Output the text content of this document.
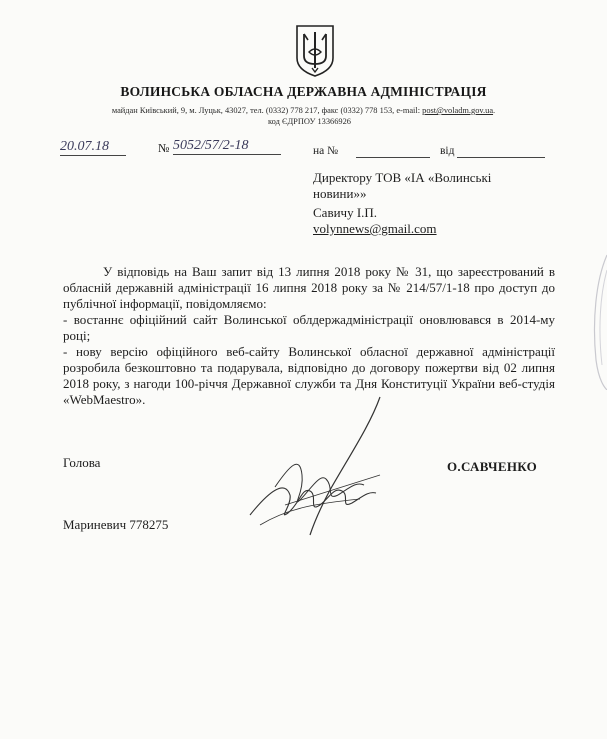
ВОЛИНСЬКА ОБЛАСНА ДЕРЖАВНА АДМІНІСТРАЦІЯ
майдан Київський, 9, м. Луцьк, 43027, тел. (0332) 778 217, факс (0332) 778 153, e-mail: post@voladm.gov.ua.
код ЄДРПОУ 13366926
20.07.18	№ 5052/57/2-18	на №	від
Директору ТОВ «ІА «Волинські
новини»»
Савичу І.П.
volynnews@gmail.com

У відповідь на Ваш запит від 13 липня 2018 року № 31, що зареєстрований в обласній державній адміністрації 16 липня 2018 року за № 214/57/1-18 про доступ до публічної інформації, повідомляємо:

- востаннє офіційний сайт Волинської облдержадміністрації оновлювався в 2014-му році;

- нову версію офіційного веб-сайту Волинської обласної державної адміністрації розробила безкоштовно та подарувала, відповідно до договору пожертви від 02 липня 2018 року, з нагоди 100-річчя Державної служби та Дня Конституції України веб-студія «WebMaestro».

Голова	О.САВЧЕНКО
Мариневич 778275
